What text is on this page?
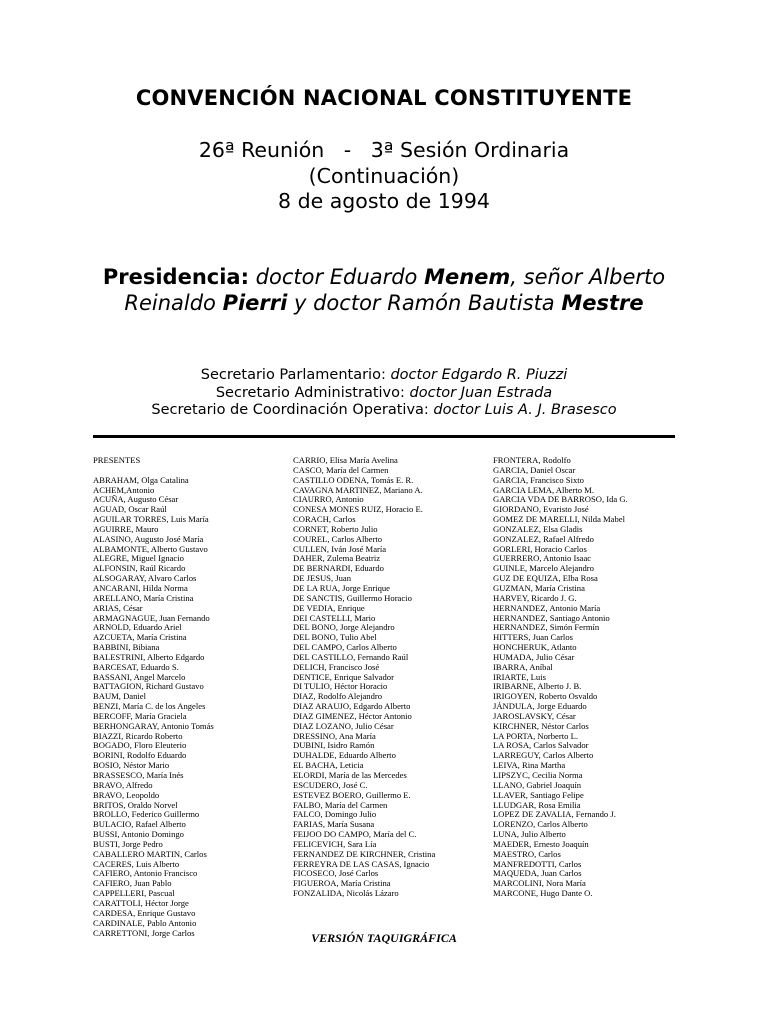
CONVENCIÓN NACIONAL CONSTITUYENTE
26ª Reunión   -   3ª Sesión Ordinaria
(Continuación)
8 de agosto de 1994
Presidencia: doctor Eduardo Menem, señor Alberto Reinaldo Pierri y doctor Ramón Bautista Mestre
Secretario Parlamentario: doctor Edgardo R. Piuzzi
Secretario Administrativo: doctor Juan Estrada
Secretario de Coordinación Operativa: doctor Luis A. J. Brasesco
PRESENTES
ABRAHAM, Olga Catalina
ACHEM,Antonio
ACUÑA, Augusto César
AGUAD, Oscar Raúl
AGUILAR TORRES, Luis María
AGUIRRE, Mauro
ALASINO, Augusto José María
ALBAMONTE, Alberto Gustavo
ALEGRE, Miguel Ignacio
ALFONSIN, Raúl Ricardo
ALSOGARAY, Alvaro Carlos
ANCARANI, Hilda Norma
ARELLANO, María Cristina
ARIAS, César
ARMAGNAGUE, Juan Fernando
ARNOLD, Eduardo Ariel
AZCUETA, María Cristina
BABBINI, Bibiana
BALESTRINI, Alberto Edgardo
BARCESAT, Eduardo S.
BASSANI, Angel Marcelo
BATTAGION, Richard Gustavo
BAUM, Daniel
BENZI, María C. de los Angeles
BERCOFF, María Graciela
BERHONGARAY, Antonio Tomás
BIAZZI, Ricardo Roberto
BOGADO, Floro Eleuterio
BORINI, Rodolfo Eduardo
BOSIO, Néstor Mario
BRASSESCO, María Inés
BRAVO, Alfredo
BRAVO, Leopoldo
BRITOS, Oraldo Norvel
BROLLO, Federico Guillermo
BULACIO, Rafael Alberto
BUSSI, Antonio Domingo
BUSTI, Jorge Pedro
CABALLERO MARTIN, Carlos
CACERES, Luis Alberto
CAFIERO, Antonio Francisco
CAFIERO, Juan Pablo
CAPPELLERI, Pascual
CARATTOLI, Héctor Jorge
CARDESA, Enrique Gustavo
CARDINALE, Pablo Antonio
CARRETTONI, Jorge Carlos
CARRIO, Elisa María Avelina
CASCO, María del Carmen
CASTILLO ODENA, Tomás E. R.
CAVAGNA MARTINEZ, Mariano A.
CIAURRO, Antonio
CONESA MONES RUIZ, Horacio E.
CORACH, Carlos
CORNET, Roberto Julio
COUREL, Carlos Alberto
CULLEN, Iván José María
DAHER, Zulema Beatriz
DE BERNARDI, Eduardo
DE JESUS, Juan
DE LA RUA, Jorge Enrique
DE SANCTIS, Guillermo Horacio
DE VEDIA, Enrique
DEI CASTELLI, Mario
DEL BONO, Jorge Alejandro
DEL BONO, Tulio Abel
DEL CAMPO, Carlos Alberto
DEL CASTILLO, Fernando Raúl
DELICH, Francisco José
DENTICE, Enrique Salvador
DI TULIO, Héctor Horacio
DIAZ, Rodolfo Alejandro
DIAZ ARAUJO, Edgardo Alberto
DIAZ GIMENEZ, Héctor Antonio
DIAZ LOZANO, Julio César
DRESSINO, Ana María
DUBINI, Isidro Ramón
DUHALDE, Eduardo Alberto
EL BACHA, Leticia
ELORDI, María de las Mercedes
ESCUDERO, José C.
ESTEVEZ BOERO, Guillermo E.
FALBO, María del Carmen
FALCO, Domingo Julio
FARIAS, María Susana
FEIJOO DO CAMPO, María del C.
FELICEVICH, Sara Lía
FERNANDEZ DE KIRCHNER, Cristina
FERREYRA DE LAS CASAS, Ignacio
FICOSECO, José Carlos
FIGUEROA, María Cristina
FONZALIDA, Nicolás Lázaro
FRONTERA, Rodolfo
GARCIA, Daniel Oscar
GARCIA, Francisco Sixto
GARCIA LEMA, Alberto M.
GARCIA VDA DE BARROSO, Ida G.
GIORDANO, Evaristo José
GOMEZ DE MARELLI, Nilda Mabel
GONZALEZ, Elsa Gladis
GONZALEZ, Rafael Alfredo
GORLERI, Horacio Carlos
GUERRERO, Antonio Isaac
GUINLE, Marcelo Alejandro
GUZ DE EQUIZA, Elba Rosa
GUZMAN, María Cristina
HARVEY, Ricardo J. G.
HERNANDEZ, Antonio María
HERNANDEZ, Santiago Antonio
HERNANDEZ, Simón Fermín
HITTERS, Juan Carlos
HONCHERUK, Atlanto
HUMADA, Julio César
IBARRA, Aníbal
IRIARTE, Luis
IRIBARNE, Alberto J. B.
IRIGOYEN, Roberto Osvaldo
JÁNDULA, Jorge Eduardo
JAROSLAVSKY, César
KIRCHNER, Néstor Carlos
LA PORTA, Norberto L.
LA ROSA, Carlos Salvador
LARREGUY, Carlos Alberto
LEIVA, Rina Martha
LIPSZYC, Cecilia Norma
LLANO, Gabriel Joaquín
LLAVER, Santiago Felipe
LLUDGAR, Rosa Emilia
LOPEZ DE ZAVALIA, Fernando J.
LORENZO, Carlos Alberto
LUNA, Julio Alberto
MAEDER, Ernesto Joaquín
MAESTRO, Carlos
MANFREDOTTI, Carlos
MAQUEDA, Juan Carlos
MARCOLINI, Nora María
MARCONE, Hugo Dante O.
VERSIÓN TAQUIGRÁFICA
